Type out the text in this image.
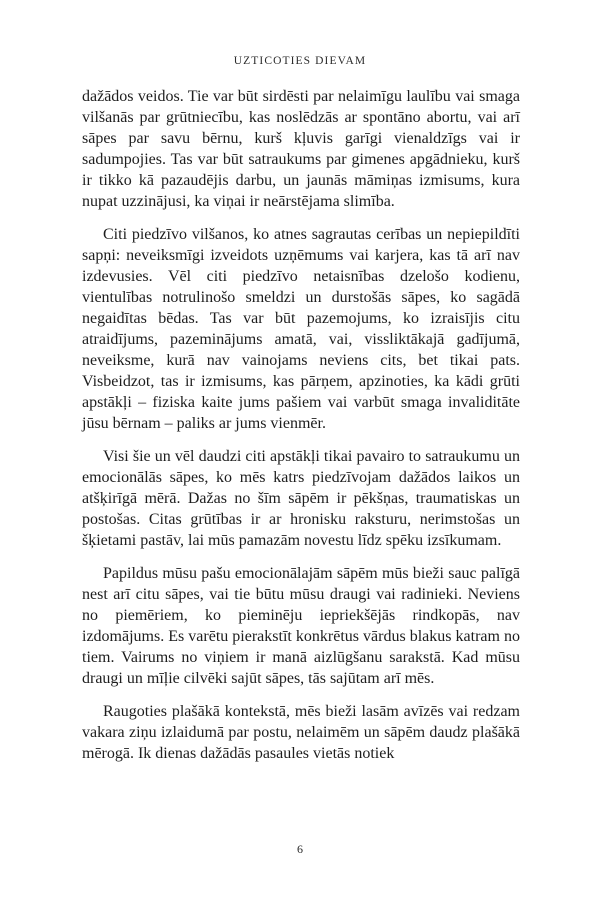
UZTICOTIES DIEVAM

dažādos veidos. Tie var būt sirdēsti par nelaimīgu laulību vai smaga vilšanās par grūtniecību, kas noslēdzās ar spontāno abortu, vai arī sāpes par savu bērnu, kurš kļuvis garīgi vienaldzīgs vai ir sadumpojies. Tas var būt satraukums par gimenes apgādnieku, kurš ir tikko kā pazaudējis darbu, un jaunās māmiņas izmisums, kura nupat uzzinājusi, ka viņai ir neārstējama slimība.

Citi piedzīvo vilšanos, ko atnes sagrautas cerības un nepiepildīti sapņi: neveiksmīgi izveidots uzņēmums vai karjera, kas tā arī nav izdevusies. Vēl citi piedzīvo netaisnības dzelošo kodienu, vientulības notrulinošo smeldzi un durstošās sāpes, ko sagādā negaidītas bēdas. Tas var būt pazemojums, ko izraisījis citu atraidījums, pazeminājums amatā, vai, vissliktākajā gadījumā, neveiksme, kurā nav vainojams neviens cits, bet tikai pats. Visbeidzot, tas ir izmisums, kas pārņem, apzinoties, ka kādi grūti apstākļi – fiziska kaite jums pašiem vai varbūt smaga invaliditāte jūsu bērnam – paliks ar jums vienmēr.

Visi šie un vēl daudzi citi apstākļi tikai pavairo to satraukumu un emocionālās sāpes, ko mēs katrs piedzīvojam dažādos laikos un atšķirīgā mērā. Dažas no šīm sāpēm ir pēkšņas, traumatiskas un postošas. Citas grūtības ir ar hronisku raksturu, nerimstošas un šķietami pastāv, lai mūs pamazām novestu līdz spēku izsīkumam.

Papildus mūsu pašu emocionālajām sāpēm mūs bieži sauc palīgā nest arī citu sāpes, vai tie būtu mūsu draugi vai radinieki. Neviens no piemēriem, ko pieminēju iepriekšējās rindkopās, nav izdomājums. Es varētu pierakstīt konkrētus vārdus blakus katram no tiem. Vairums no viņiem ir manā aizlūgšanu sarakstā. Kad mūsu draugi un mīļie cilvēki sajūt sāpes, tās sajūtam arī mēs.

Raugoties plašākā kontekstā, mēs bieži lasām avīzēs vai redzam vakara ziņu izlaidumā par postu, nelaimēm un sāpēm daudz plašākā mērogā. Ik dienas dažādās pasaules vietās notiek

6
